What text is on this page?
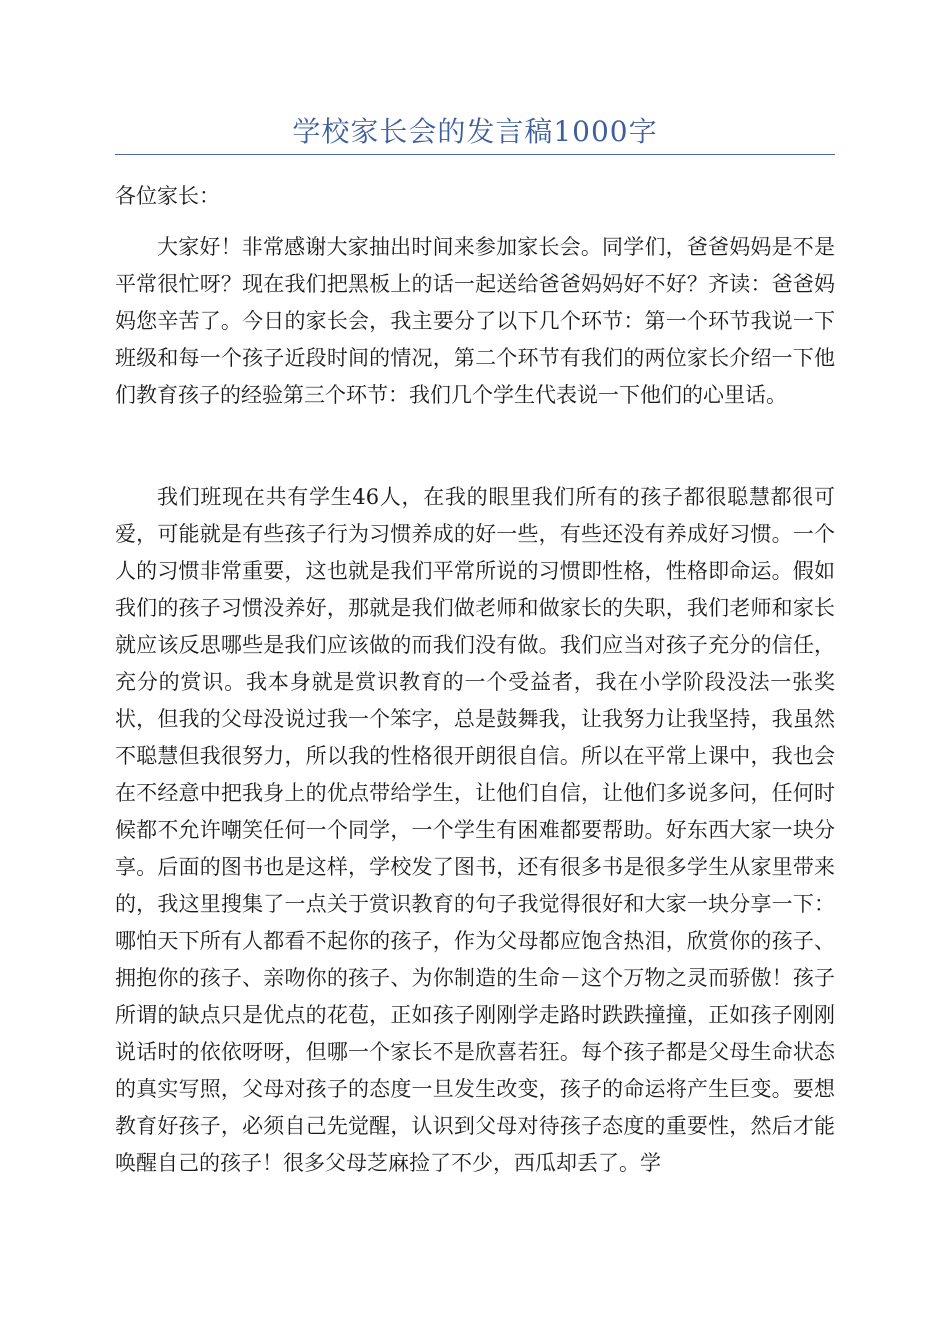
学校家长会的发言稿1000字
各位家长：

大家好！非常感谢大家抽出时间来参加家长会。同学们，爸爸妈妈是不是平常很忙呀？现在我们把黑板上的话一起送给爸爸妈妈好不好？齐读：爸爸妈妈您辛苦了。今日的家长会，我主要分了以下几个环节：第一个环节我说一下班级和每一个孩子近段时间的情况，第二个环节有我们的两位家长介绍一下他们教育孩子的经验第三个环节：我们几个学生代表说一下他们的心里话。

我们班现在共有学生46人，在我的眼里我们所有的孩子都很聪慧都很可爱，可能就是有些孩子行为习惯养成的好一些，有些还没有养成好习惯。一个人的习惯非常重要，这也就是我们平常所说的习惯即性格，性格即命运。假如我们的孩子习惯没养好，那就是我们做老师和做家长的失职，我们老师和家长就应该反思哪些是我们应该做的而我们没有做。我们应当对孩子充分的信任，充分的赏识。我本身就是赏识教育的一个受益者，我在小学阶段没法一张奖状，但我的父母没说过我一个笨字，总是鼓舞我，让我努力让我坚持，我虽然不聪慧但我很努力，所以我的性格很开朗很自信。所以在平常上课中，我也会在不经意中把我身上的优点带给学生，让他们自信，让他们多说多问，任何时候都不允许嘲笑任何一个同学，一个学生有困难都要帮助。好东西大家一块分享。后面的图书也是这样，学校发了图书，还有很多书是很多学生从家里带来的，我这里搜集了一点关于赏识教育的句子我觉得很好和大家一块分享一下：哪怕天下所有人都看不起你的孩子，作为父母都应饱含热泪，欣赏你的孩子、拥抱你的孩子、亲吻你的孩子、为你制造的生命－这个万物之灵而骄傲！孩子所谓的缺点只是优点的花苞，正如孩子刚刚学走路时跌跌撞撞，正如孩子刚刚说话时的依依呀呀，但哪一个家长不是欣喜若狂。每个孩子都是父母生命状态的真实写照，父母对孩子的态度一旦发生改变，孩子的命运将产生巨变。要想教育好孩子，必须自己先觉醒，认识到父母对待孩子态度的重要性，然后才能唤醒自己的孩子！很多父母芝麻捡了不少，西瓜却丢了。学
